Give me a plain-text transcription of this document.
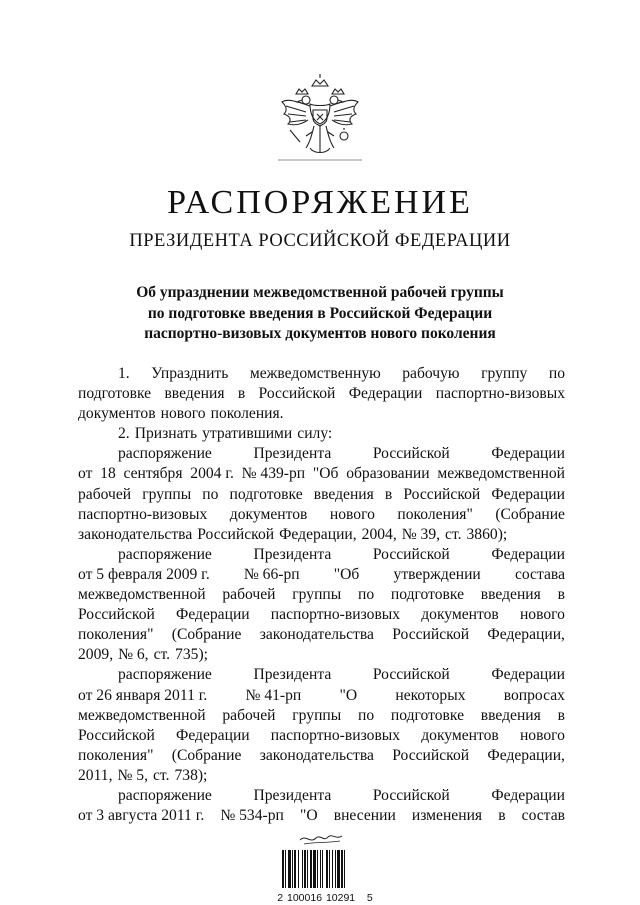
РАСПОРЯЖЕНИЕ
ПРЕЗИДЕНТА РОССИЙСКОЙ ФЕДЕРАЦИИ
Об упразднении межведомственной рабочей группы
по подготовке введения в Российской Федерации
паспортно-визовых документов нового поколения
1. Упразднить межведомственную рабочую группу по
подготовке введения в Российской Федерации паспортно-визовых
документов нового поколения.
2. Признать утратившими силу:
распоряжение	Президента	Российской	Федерации
от 18 сентября 2004 г. № 439-рп "Об образовании межведомственной
рабочей группы по подготовке введения в Российской Федерации
паспортно-визовых документов нового поколения" (Собрание
законодательства Российской Федерации, 2004, № 39, ст. 3860);
распоряжение	Президента	Российской	Федерации
от 5 февраля 2009 г. № 66-рп "Об утверждении состава
межведомственной рабочей группы по подготовке введения в
Российской Федерации паспортно-визовых документов нового
поколения" (Собрание законодательства Российской Федерации,
2009, № 6, ст. 735);
распоряжение	Президента	Российской	Федерации
от 26 января 2011 г. № 41-рп "О некоторых вопросах
межведомственной рабочей группы по подготовке введения в
Российской Федерации паспортно-визовых документов нового
поколения" (Собрание законодательства Российской Федерации,
2011, № 5, ст. 738);
распоряжение	Президента	Российской	Федерации
от 3 августа 2011 г. № 534-рп "О внесении изменения в состав
2 100016 10291   5
